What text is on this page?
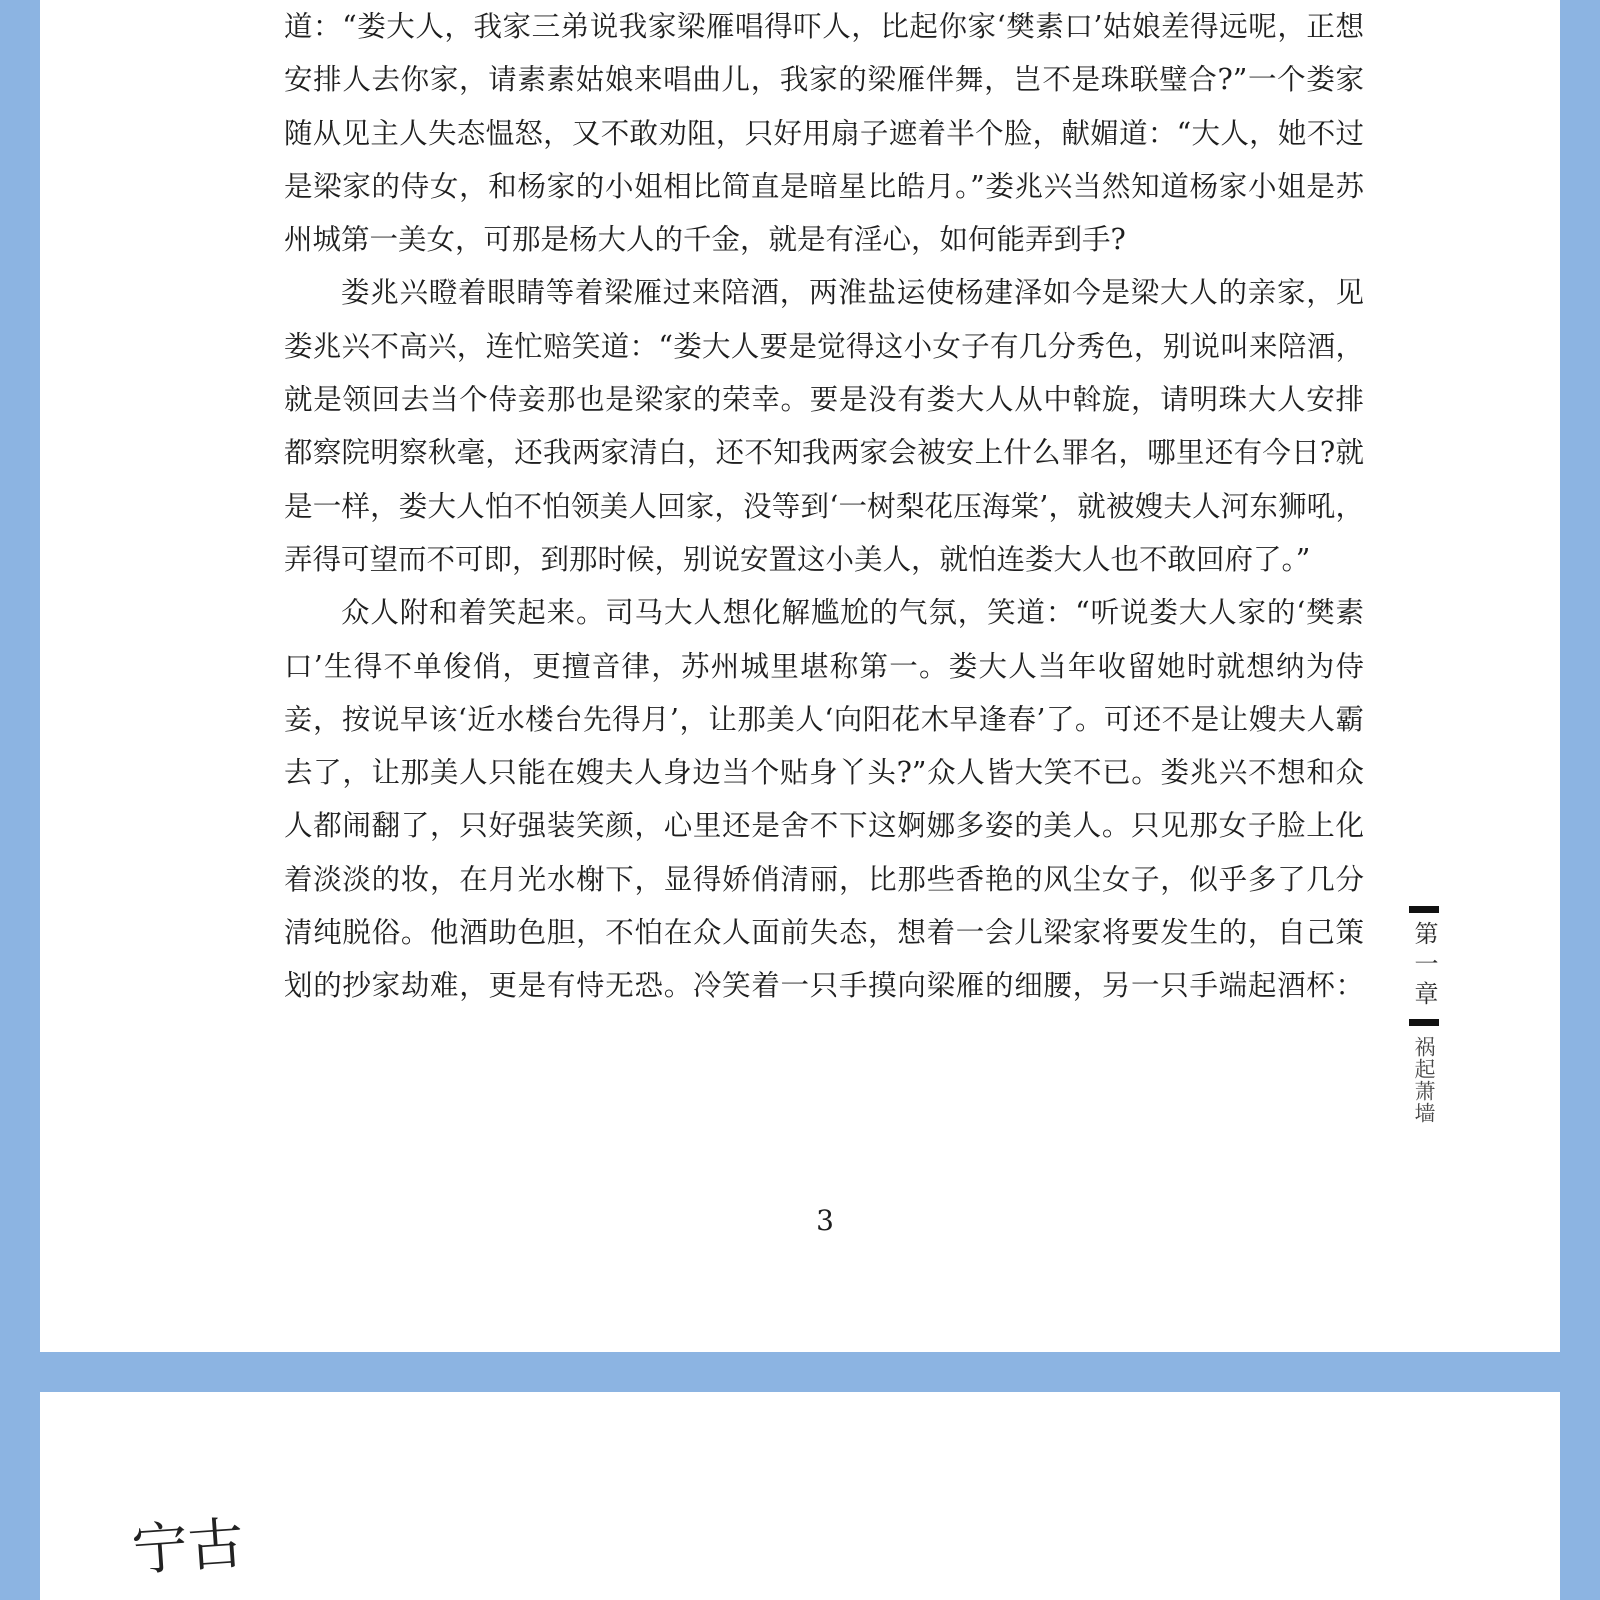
道：“娄大人，我家三弟说我家梁雁唱得吓人，比起你家‘樊素口’姑娘差得远呢，正想安排人去你家，请素素姑娘来唱曲儿，我家的梁雁伴舞，岂不是珠联璧合?”一个娄家随从见主人失态愠怒，又不敢劝阻，只好用扇子遮着半个脸，献媚道：“大人，她不过是梁家的侍女，和杨家的小姐相比简直是暗星比皓月。”娄兆兴当然知道杨家小姐是苏州城第一美女，可那是杨大人的千金，就是有淫心，如何能弄到手?

娄兆兴瞪着眼睛等着梁雁过来陪酒，两淮盐运使杨建泽如今是梁大人的亲家，见娄兆兴不高兴，连忙赔笑道：“娄大人要是觉得这小女子有几分秀色，别说叫来陪酒，就是领回去当个侍妾那也是梁家的荣幸。要是没有娄大人从中斡旋，请明珠大人安排都察院明察秋毫，还我两家清白，还不知我两家会被安上什么罪名，哪里还有今日?就是一样，娄大人怕不怕领美人回家，没等到‘一树梨花压海棠’，就被嫂夫人河东狮吼，弄得可望而不可即，到那时候，别说安置这小美人，就怕连娄大人也不敢回府了。”

众人附和着笑起来。司马大人想化解尴尬的气氛，笑道：“听说娄大人家的‘樊素口’生得不单俊俏，更擅音律，苏州城里堪称第一。娄大人当年收留她时就想纳为侍妾，按说早该‘近水楼台先得月’，让那美人‘向阳花木早逢春’了。可还不是让嫂夫人霸去了，让那美人只能在嫂夫人身边当个贴身丫头?”众人皆大笑不已。娄兆兴不想和众人都闹翻了，只好强装笑颜，心里还是舍不下这婀娜多姿的美人。只见那女子脸上化着淡淡的妆，在月光水榭下，显得娇俏清丽，比那些香艳的风尘女子，似乎多了几分清纯脱俗。他酒助色胆，不怕在众人面前失态，想着一会儿梁家将要发生的，自己策划的抄家劫难，更是有恃无恐。冷笑着一只手摸向梁雁的细腰，另一只手端起酒杯： 第一章
祸起萧墙
3
宁古
